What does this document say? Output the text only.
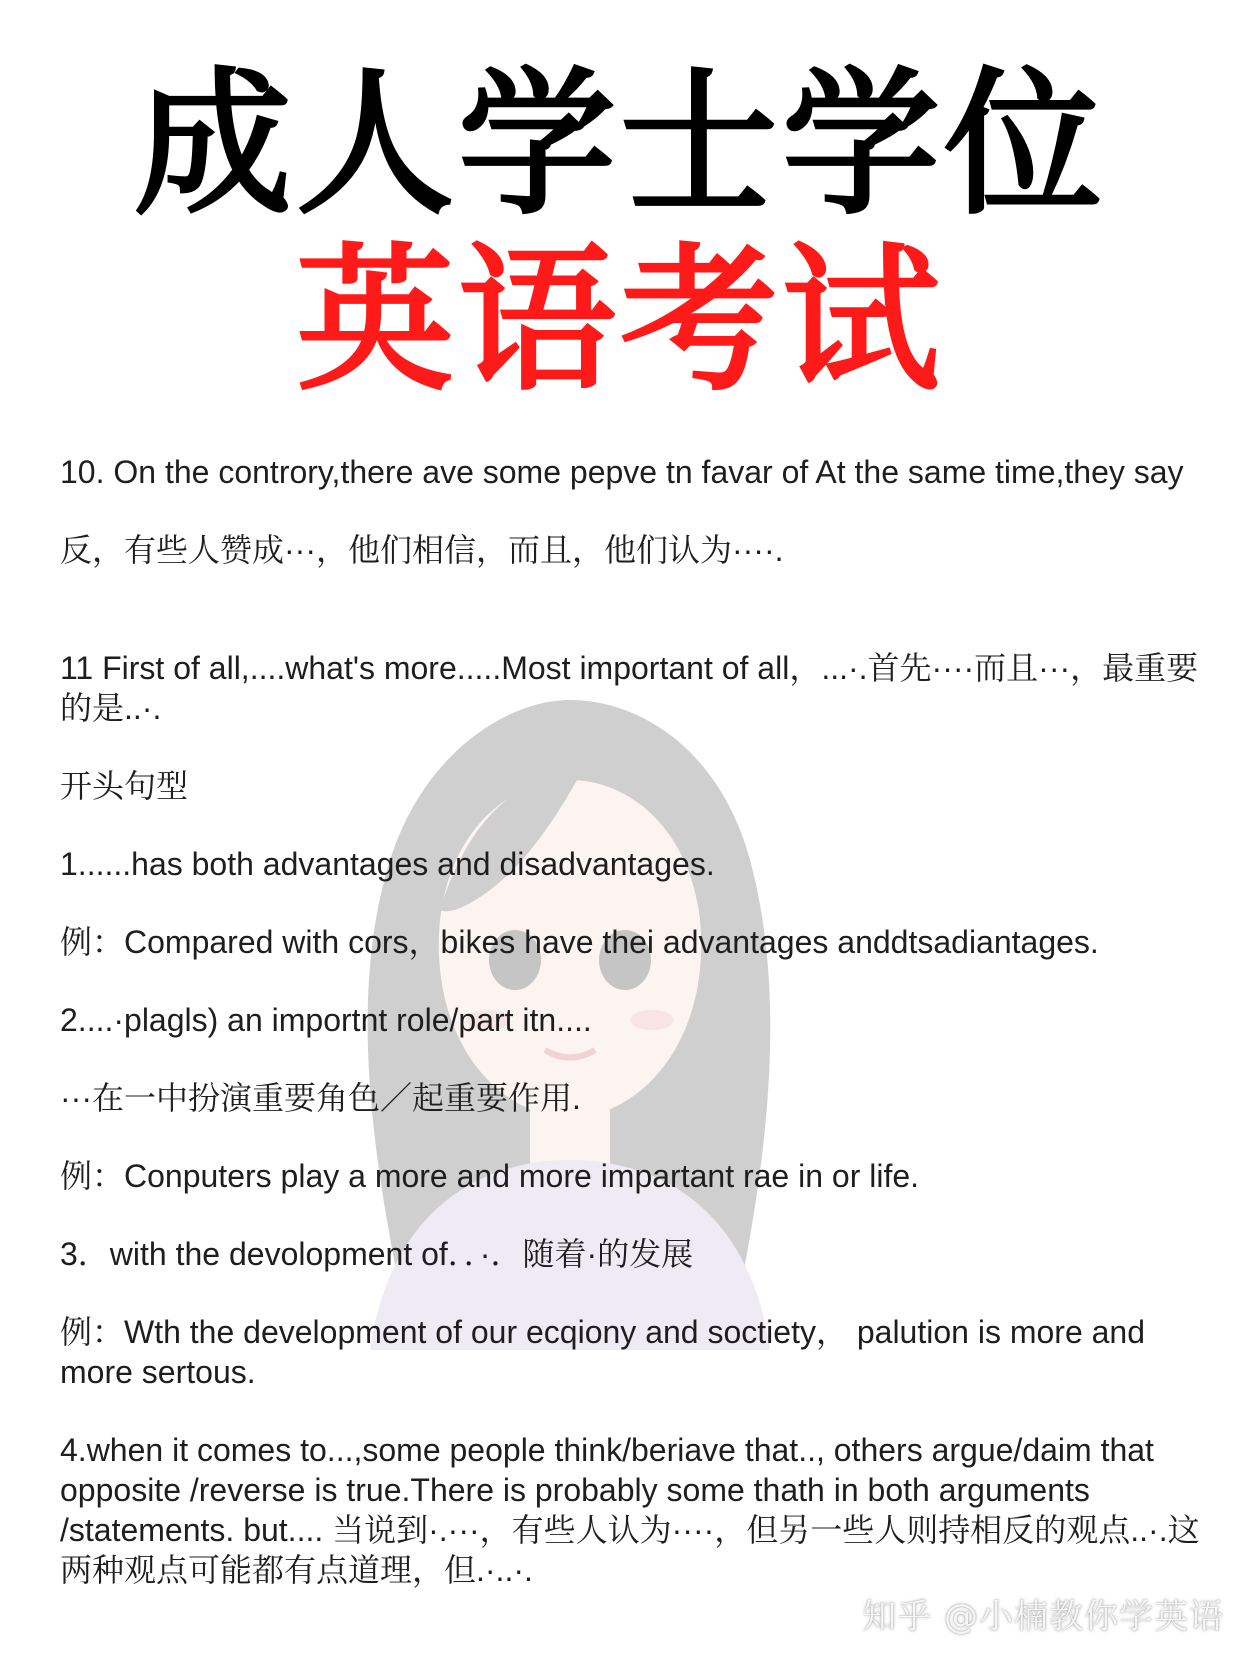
成人学士学位
英语考试

10. On the controry,there ave some pepve tn favar of At the same time,they say

反，有些人赞成···，他们相信，而且，他们认为····.

11 First of all,....what's more.....Most important of all，...·.首先····而且···，最重要的是..·.

开头句型

1......has both advantages and disadvantages.

例：Compared with cors，bikes have thei advantages anddtsadiantages.

2....·plagls) an importnt role/part itn....

···在一中扮演重要角色／起重要作用.

例：Conputers play a more and more impartant rae in or life.

3．with the devolopment of．．·．随着·的发展

例：Wth the development of our ecqiony and soctiety， palution is more and more sertous.

4.when it comes to...,some people think/beriave that.., others argue/daim that opposite /reverse is true.There is probably some thath in both arguments /statements. but.... 当说到·.···，有些人认为····，但另一些人则持相反的观点..·.这两种观点可能都有点道理，但.·..·.

知乎 @小楠教你学英语
